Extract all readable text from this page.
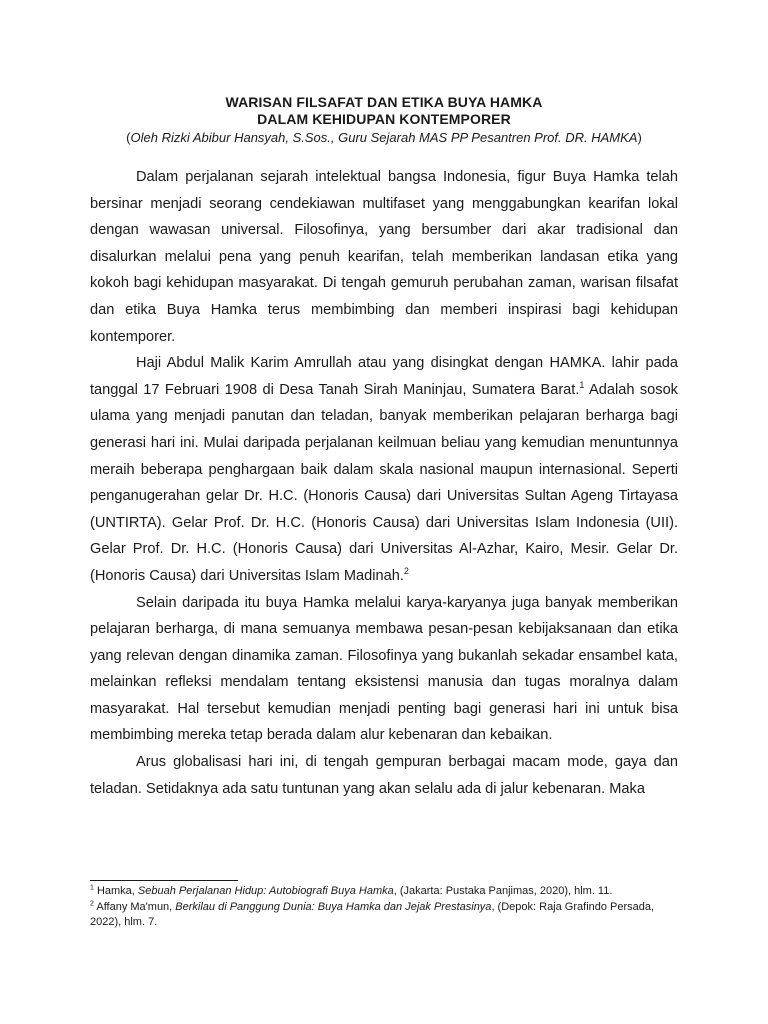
WARISAN FILSAFAT DAN ETIKA BUYA HAMKA
DALAM KEHIDUPAN KONTEMPORER
(Oleh Rizki Abibur Hansyah, S.Sos., Guru Sejarah MAS PP Pesantren Prof. DR. HAMKA)

Dalam perjalanan sejarah intelektual bangsa Indonesia, figur Buya Hamka telah bersinar menjadi seorang cendekiawan multifaset yang menggabungkan kearifan lokal dengan wawasan universal. Filosofinya, yang bersumber dari akar tradisional dan disalurkan melalui pena yang penuh kearifan, telah memberikan landasan etika yang kokoh bagi kehidupan masyarakat. Di tengah gemuruh perubahan zaman, warisan filsafat dan etika Buya Hamka terus membimbing dan memberi inspirasi bagi kehidupan kontemporer.

Haji Abdul Malik Karim Amrullah atau yang disingkat dengan HAMKA. lahir pada tanggal 17 Februari 1908 di Desa Tanah Sirah Maninjau, Sumatera Barat.$^1$ Adalah sosok ulama yang menjadi panutan dan teladan, banyak memberikan pelajaran berharga bagi generasi hari ini. Mulai daripada perjalanan keilmuan beliau yang kemudian menuntunnya meraih beberapa penghargaan baik dalam skala nasional maupun internasional. Seperti penganugerahan gelar Dr. H.C. (Honoris Causa) dari Universitas Sultan Ageng Tirtayasa (UNTIRTA). Gelar Prof. Dr. H.C. (Honoris Causa) dari Universitas Islam Indonesia (UII). Gelar Prof. Dr. H.C. (Honoris Causa) dari Universitas Al-Azhar, Kairo, Mesir. Gelar Dr. (Honoris Causa) dari Universitas Islam Madinah.$^2$

Selain daripada itu buya Hamka melalui karya-karyanya juga banyak memberikan pelajaran berharga, di mana semuanya membawa pesan-pesan kebijaksanaan dan etika yang relevan dengan dinamika zaman. Filosofinya yang bukanlah sekadar ensambel kata, melainkan refleksi mendalam tentang eksistensi manusia dan tugas moralnya dalam masyarakat. Hal tersebut kemudian menjadi penting bagi generasi hari ini untuk bisa membimbing mereka tetap berada dalam alur kebenaran dan kebaikan.

Arus globalisasi hari ini, di tengah gempuran berbagai macam mode, gaya dan teladan. Setidaknya ada satu tuntunan yang akan selalu ada di jalur kebenaran. Maka

$^1$ Hamka, Sebuah Perjalanan Hidup: Autobiografi Buya Hamka, (Jakarta: Pustaka Panjimas, 2020), hlm. 11.

$^2$ Affany Ma'mun, Berkilau di Panggung Dunia: Buya Hamka dan Jejak Prestasinya, (Depok: Raja Grafindo Persada, 2022), hlm. 7.
